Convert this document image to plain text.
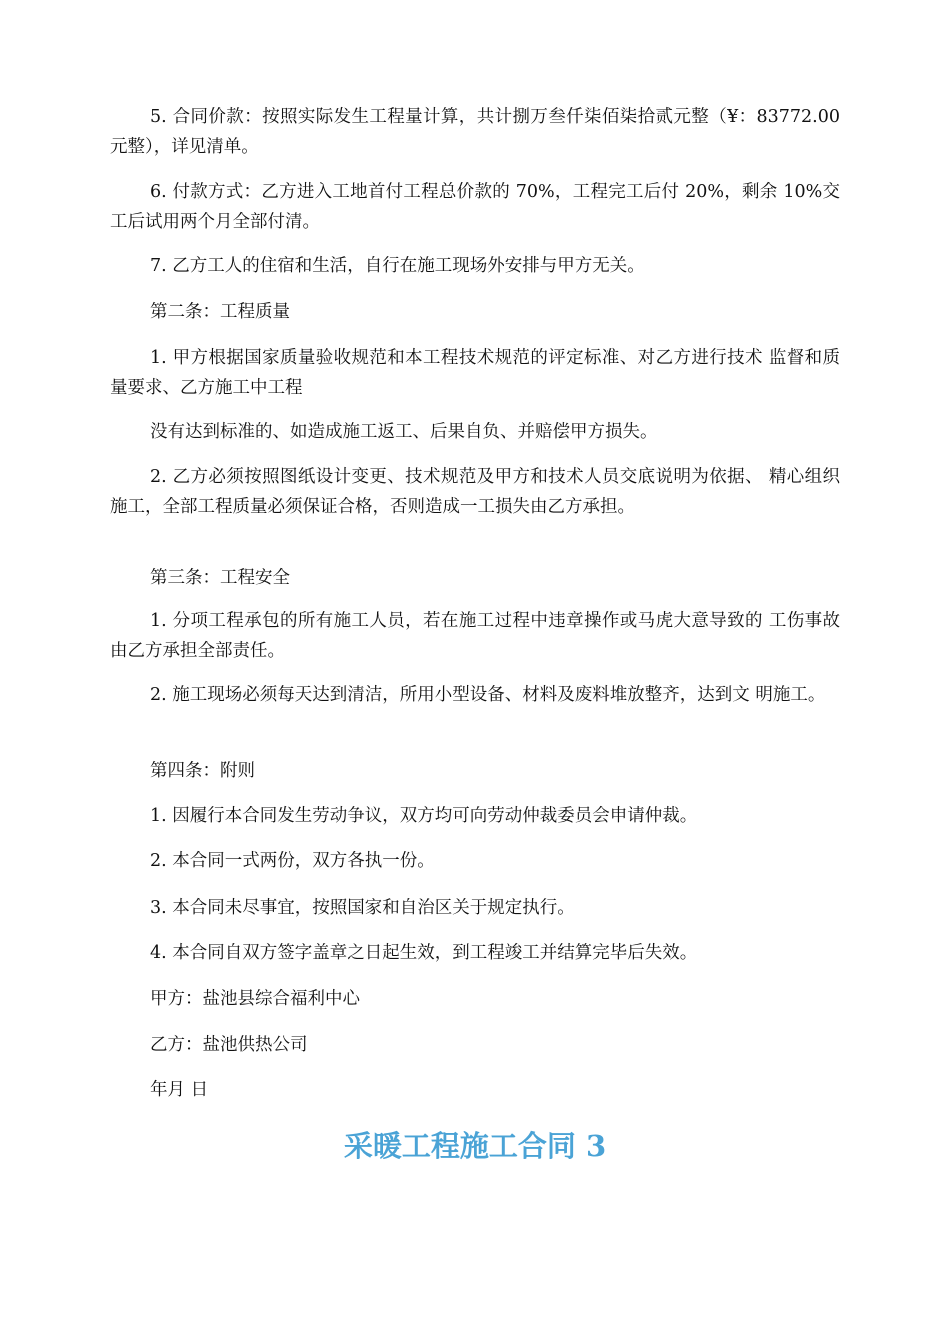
5. 合同价款：按照实际发生工程量计算，共计捌万叁仟柒佰柒拾贰元整（¥：83772.00 元整），详见清单。

6. 付款方式：乙方进入工地首付工程总价款的 70%，工程完工后付 20%，剩余 10%交工后试用两个月全部付清。

7. 乙方工人的住宿和生活，自行在施工现场外安排与甲方无关。

第二条：工程质量

1. 甲方根据国家质量验收规范和本工程技术规范的评定标准、对乙方进行技术 监督和质量要求、乙方施工中工程

没有达到标准的、如造成施工返工、后果自负、并赔偿甲方损失。

2. 乙方必须按照图纸设计变更、技术规范及甲方和技术人员交底说明为依据、 精心组织施工，全部工程质量必须保证合格，否则造成一工损失由乙方承担。

第三条：工程安全

1. 分项工程承包的所有施工人员，若在施工过程中违章操作或马虎大意导致的 工伤事故由乙方承担全部责任。

2. 施工现场必须每天达到清洁，所用小型设备、材料及废料堆放整齐，达到文 明施工。

第四条：附则

1. 因履行本合同发生劳动争议，双方均可向劳动仲裁委员会申请仲裁。

2. 本合同一式两份，双方各执一份。

3. 本合同未尽事宜，按照国家和自治区关于规定执行。

4. 本合同自双方签字盖章之日起生效，到工程竣工并结算完毕后失效。

甲方：盐池县综合福利中心

乙方：盐池供热公司

年月 日

采暖工程施工合同 3
